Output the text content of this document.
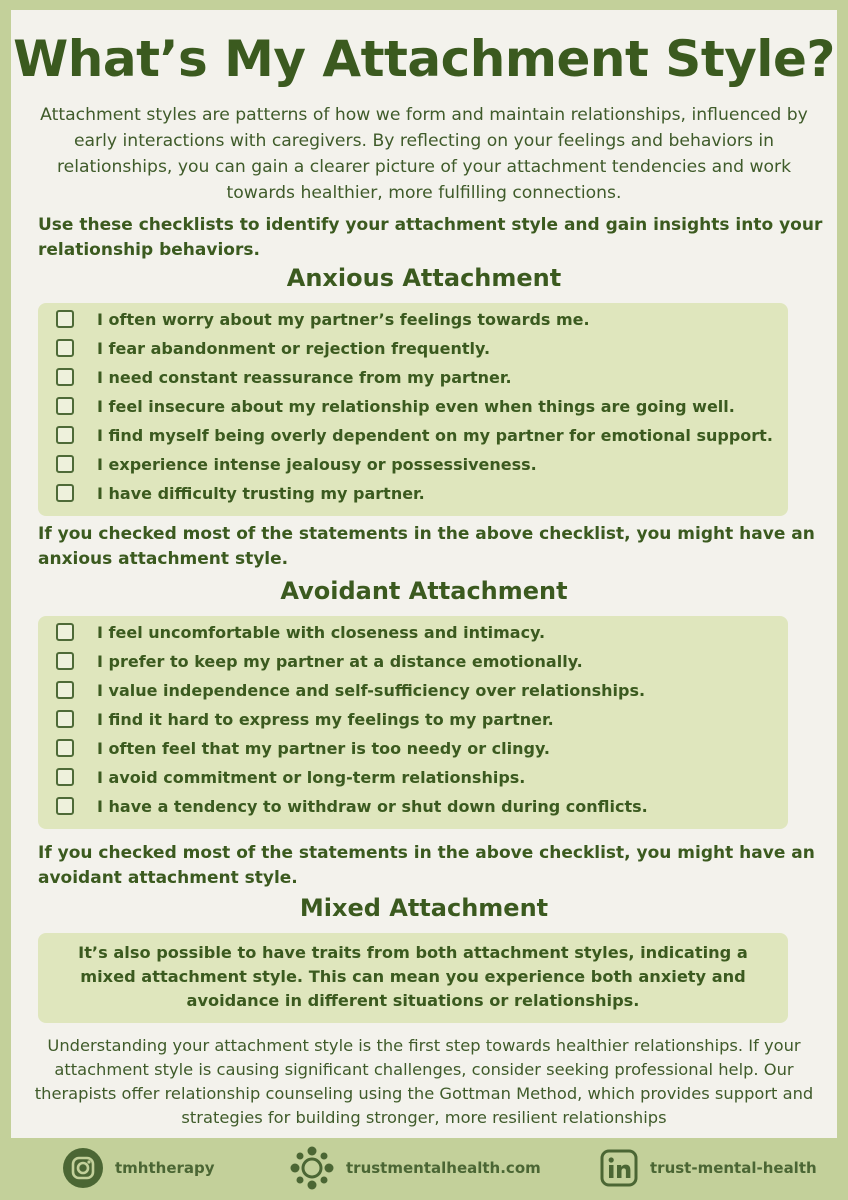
What’s My Attachment Style?

Attachment styles are patterns of how we form and maintain relationships, influenced by early interactions with caregivers. By reflecting on your feelings and behaviors in relationships, you can gain a clearer picture of your attachment tendencies and work towards healthier, more fulfilling connections.

Use these checklists to identify your attachment style and gain insights into your relationship behaviors.

Anxious Attachment
I often worry about my partner’s feelings towards me.
I fear abandonment or rejection frequently.
I need constant reassurance from my partner.
I feel insecure about my relationship even when things are going well.
I find myself being overly dependent on my partner for emotional support.
I experience intense jealousy or possessiveness.
I have difficulty trusting my partner.

If you checked most of the statements in the above checklist, you might have an anxious attachment style.

Avoidant Attachment
I feel uncomfortable with closeness and intimacy.
I prefer to keep my partner at a distance emotionally.
I value independence and self-sufficiency over relationships.
I find it hard to express my feelings to my partner.
I often feel that my partner is too needy or clingy.
I avoid commitment or long-term relationships.
I have a tendency to withdraw or shut down during conflicts.

If you checked most of the statements in the above checklist, you might have an avoidant attachment style.

Mixed Attachment

It’s also possible to have traits from both attachment styles, indicating a mixed attachment style. This can mean you experience both anxiety and avoidance in different situations or relationships.

Understanding your attachment style is the first step towards healthier relationships. If your attachment style is causing significant challenges, consider seeking professional help. Our therapists offer relationship counseling using the Gottman Method, which provides support and strategies for building stronger, more resilient relationships

tmhtherapy	trustmentalhealth.com	trust-mental-health
